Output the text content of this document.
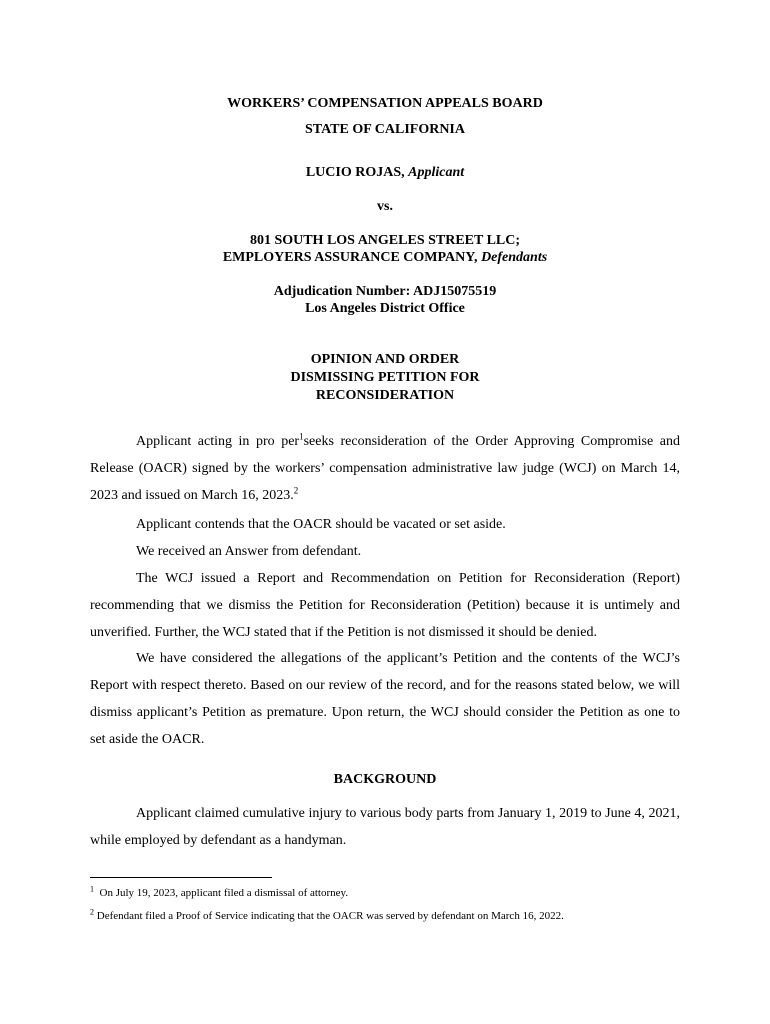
WORKERS’ COMPENSATION APPEALS BOARD
STATE OF CALIFORNIA
LUCIO ROJAS, Applicant
vs.
801 SOUTH LOS ANGELES STREET LLC;
EMPLOYERS ASSURANCE COMPANY, Defendants
Adjudication Number: ADJ15075519
Los Angeles District Office
OPINION AND ORDER
DISMISSING PETITION FOR
RECONSIDERATION
Applicant acting in pro per$^1$seeks reconsideration of the Order Approving Compromise and Release (OACR) signed by the workers’ compensation administrative law judge (WCJ) on March 14, 2023 and issued on March 16, 2023.$^2$
Applicant contends that the OACR should be vacated or set aside.
We received an Answer from defendant.
The WCJ issued a Report and Recommendation on Petition for Reconsideration (Report) recommending that we dismiss the Petition for Reconsideration (Petition) because it is untimely and unverified. Further, the WCJ stated that if the Petition is not dismissed it should be denied.
We have considered the allegations of the applicant’s Petition and the contents of the WCJ’s Report with respect thereto. Based on our review of the record, and for the reasons stated below, we will dismiss applicant’s Petition as premature. Upon return, the WCJ should consider the Petition as one to set aside the OACR.
BACKGROUND
Applicant claimed cumulative injury to various body parts from January 1, 2019 to June 4, 2021, while employed by defendant as a handyman.
$^1$ On July 19, 2023, applicant filed a dismissal of attorney.
$^2$ Defendant filed a Proof of Service indicating that the OACR was served by defendant on March 16, 2022.
